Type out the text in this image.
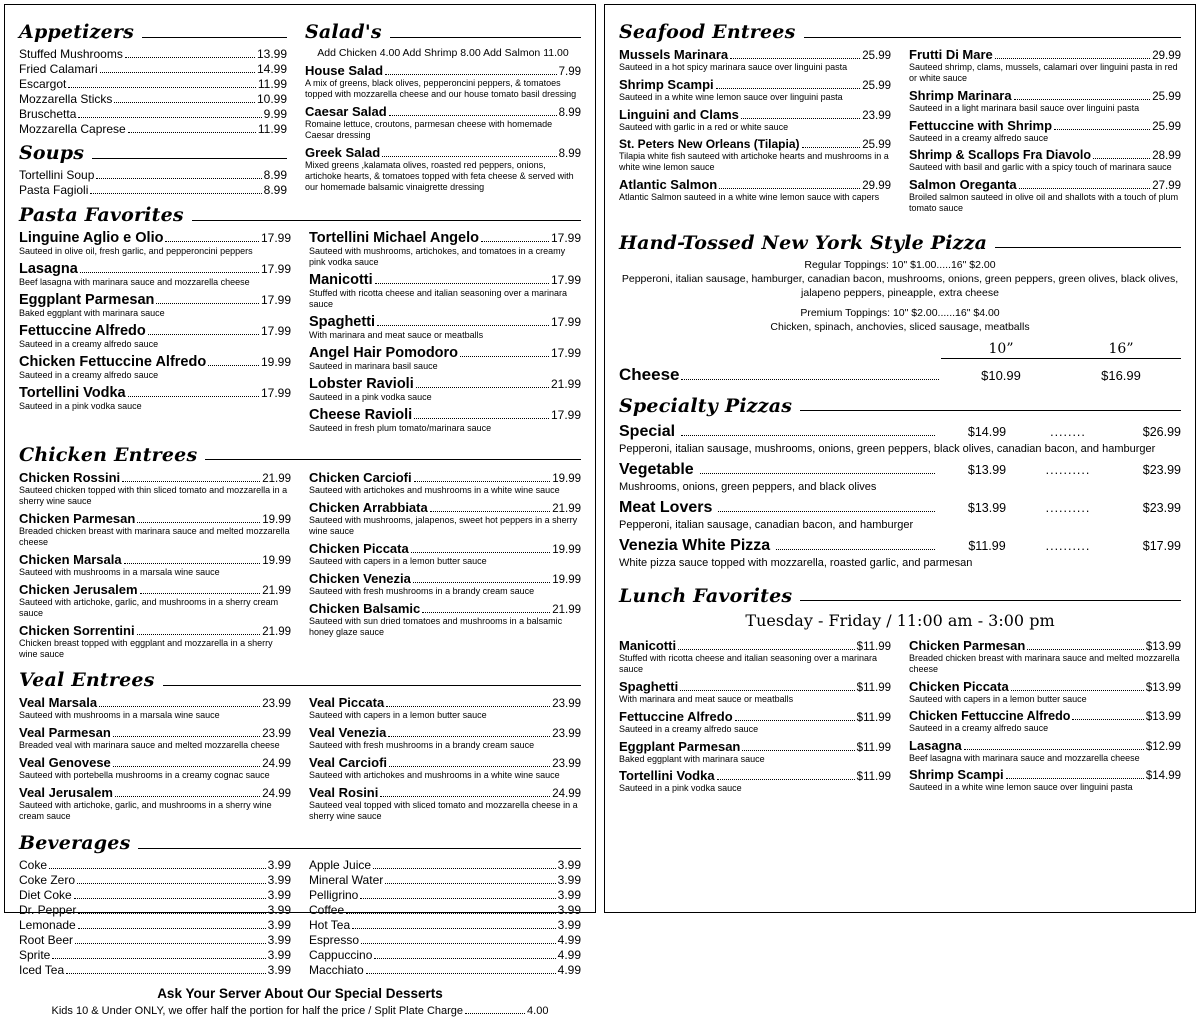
Appetizers
Stuffed Mushrooms	13.99
Fried Calamari	14.99
Escargot	11.99
Mozzarella Sticks	10.99
Bruschetta	9.99
Mozzarella Caprese	11.99
Soups
Tortellini Soup	8.99
Pasta Fagioli	8.99
Salad's
Add Chicken 4.00 Add Shrimp 8.00 Add Salmon 11.00
House Salad	7.99
A mix of greens, black olives, pepperoncini peppers, & tomatoes topped with mozzarella cheese and our house tomato basil dressing
Caesar Salad	8.99
Romaine lettuce, croutons, parmesan cheese with homemade Caesar dressing
Greek Salad	8.99
Mixed greens ,kalamata olives, roasted red peppers, onions, artichoke hearts, & tomatoes topped with feta cheese & served with our homemade balsamic vinaigrette dressing
Pasta Favorites
Linguine Aglio e Olio	17.99
Sauteed in olive oil, fresh garlic, and pepperoncini peppers
Lasagna	17.99
Beef lasagna with marinara sauce and mozzarella cheese
Eggplant Parmesan	17.99
Baked eggplant with marinara sauce
Fettuccine Alfredo	17.99
Sauteed in a creamy alfredo sauce
Chicken Fettuccine Alfredo	19.99
Sauteed in a creamy alfredo sauce
Tortellini Vodka	17.99
Sauteed in a pink vodka sauce
Tortellini Michael Angelo	17.99
Sauteed with mushrooms, artichokes, and tomatoes in a creamy pink vodka sauce
Manicotti	17.99
Stuffed with ricotta cheese and italian seasoning over a marinara sauce
Spaghetti	17.99
With marinara and meat sauce or meatballs
Angel Hair Pomodoro	17.99
Sauteed in marinara basil sauce
Lobster Ravioli	21.99
Sauteed in a pink vodka sauce
Cheese Ravioli	17.99
Sauteed in fresh plum tomato/marinara sauce
Chicken Entrees
Chicken Rossini	21.99
Sauteed chicken topped with thin sliced tomato and mozzarella in a sherry wine sauce
Chicken Parmesan	19.99
Breaded chicken breast with marinara sauce and melted mozzarella cheese
Chicken Marsala	19.99
Sauteed with mushrooms in a marsala wine sauce
Chicken Jerusalem	21.99
Sauteed with artichoke, garlic, and mushrooms in a sherry cream sauce
Chicken Sorrentini	21.99
Chicken breast topped with eggplant and mozzarella in a sherry wine sauce
Chicken Carciofi	19.99
Sauteed with artichokes and mushrooms in a white wine sauce
Chicken Arrabbiata	21.99
Sauteed with mushrooms, jalapenos, sweet hot peppers in a sherry wine sauce
Chicken Piccata	19.99
Sauteed with capers in a lemon butter sauce
Chicken Venezia	19.99
Sauteed with fresh mushrooms in a brandy cream sauce
Chicken Balsamic	21.99
Sauteed with sun dried tomatoes and mushrooms in a balsamic honey glaze sauce
Veal Entrees
Veal Marsala	23.99
Sauteed with mushrooms in a marsala wine sauce
Veal Parmesan	23.99
Breaded veal with marinara sauce and melted mozzarella cheese
Veal Genovese	24.99
Sauteed with portebella mushrooms in a creamy cognac sauce
Veal Jerusalem	24.99
Sauteed with artichoke, garlic, and mushrooms in a sherry wine cream sauce
Veal Piccata	23.99
Sauteed with capers in a lemon butter sauce
Veal Venezia	23.99
Sauteed with fresh mushrooms in a brandy cream sauce
Veal Carciofi	23.99
Sauteed with artichokes and mushrooms in a white wine sauce
Veal Rosini	24.99
Sauteed veal topped with sliced tomato and mozzarella cheese in a sherry wine sauce
Beverages
Coke	3.99
Coke Zero	3.99
Diet Coke	3.99
Dr. Pepper	3.99
Lemonade	3.99
Root Beer	3.99
Sprite	3.99
Iced Tea	3.99
Apple Juice	3.99
Mineral Water	3.99
Pelligrino	3.99
Coffee	3.99
Hot Tea	3.99
Espresso	4.99
Cappuccino	4.99
Macchiato	4.99
Ask Your Server About Our Special Desserts
Kids 10 & Under ONLY, we offer half the portion for half the price / Split Plate Charge	4.00
Seafood Entrees
Mussels Marinara	25.99
Sauteed in a hot spicy marinara sauce over linguini pasta
Shrimp Scampi	25.99
Sauteed in a white wine lemon sauce over linguini pasta
Linguini and Clams	23.99
Sauteed with garlic in a red or white sauce
St. Peters New Orleans (Tilapia)	25.99
Tilapia white fish sauteed with artichoke hearts and mushrooms in a white wine lemon sauce
Atlantic Salmon	29.99
Atlantic Salmon sauteed in a white wine lemon sauce with capers
Frutti Di Mare	29.99
Sauteed shrimp, clams, mussels, calamari over linguini pasta in red or white sauce
Shrimp Marinara	25.99
Sauteed in a light marinara basil sauce over linguini pasta
Fettuccine with Shrimp	25.99
Sauteed in a creamy alfredo sauce
Shrimp & Scallops Fra Diavolo	28.99
Sauteed with basil and garlic with a spicy touch of marinara sauce
Salmon Oreganta	27.99
Broiled salmon sauteed in olive oil and shallots with a touch of plum tomato sauce
Hand-Tossed New York Style Pizza
Regular Toppings: 10" $1.00.....16" $2.00
Pepperoni, italian sausage, hamburger, canadian bacon, mushrooms, onions, green peppers, green olives, black olives, jalapeno peppers, pineapple, extra cheese
Premium Toppings: 10" $2.00......16" $4.00
Chicken, spinach, anchovies, sliced sausage, meatballs
10”	16”
Cheese	$10.99	$16.99
Specialty Pizzas
Special	$14.99	........	$26.99
Pepperoni, italian sausage, mushrooms, onions, green peppers, black olives, canadian bacon, and hamburger
Vegetable	$13.99	..........	$23.99
Mushrooms, onions, green peppers, and black olives
Meat Lovers	$13.99	..........	$23.99
Pepperoni, italian sausage, canadian bacon, and hamburger
Venezia White Pizza	$11.99	..........	$17.99
White pizza sauce topped with mozzarella, roasted garlic, and parmesan
Lunch Favorites
Tuesday - Friday / 11:00 am - 3:00 pm
Manicotti	$11.99
Stuffed with ricotta cheese and italian seasoning over a marinara sauce
Spaghetti	$11.99
With marinara and meat sauce or meatballs
Fettuccine Alfredo	$11.99
Sauteed in a creamy alfredo sauce
Eggplant Parmesan	$11.99
Baked eggplant with marinara sauce
Tortellini Vodka	$11.99
Sauteed in a pink vodka sauce
Chicken Parmesan	$13.99
Breaded chicken breast with marinara sauce and melted mozzarella cheese
Chicken Piccata	$13.99
Sauteed with capers in a lemon butter sauce
Chicken Fettuccine Alfredo	$13.99
Sauteed in a creamy alfredo sauce
Lasagna	$12.99
Beef lasagna with marinara sauce and mozzarella cheese
Shrimp Scampi	$14.99
Sauteed in a white wine lemon sauce over linguini pasta
